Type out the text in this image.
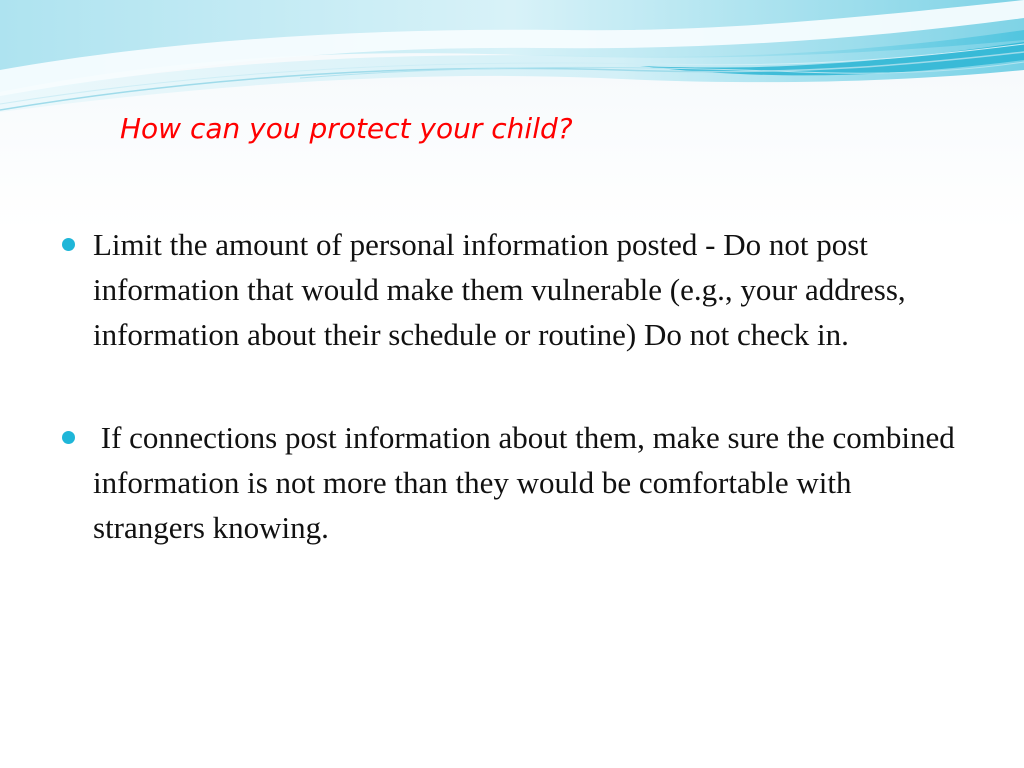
How can you protect your child?
Limit the amount of personal information posted - Do not post information that would make them vulnerable (e.g., your address, information about their schedule or routine) Do not check in.
If connections post information about them, make sure the combined information is not more than they would be comfortable with strangers knowing.
